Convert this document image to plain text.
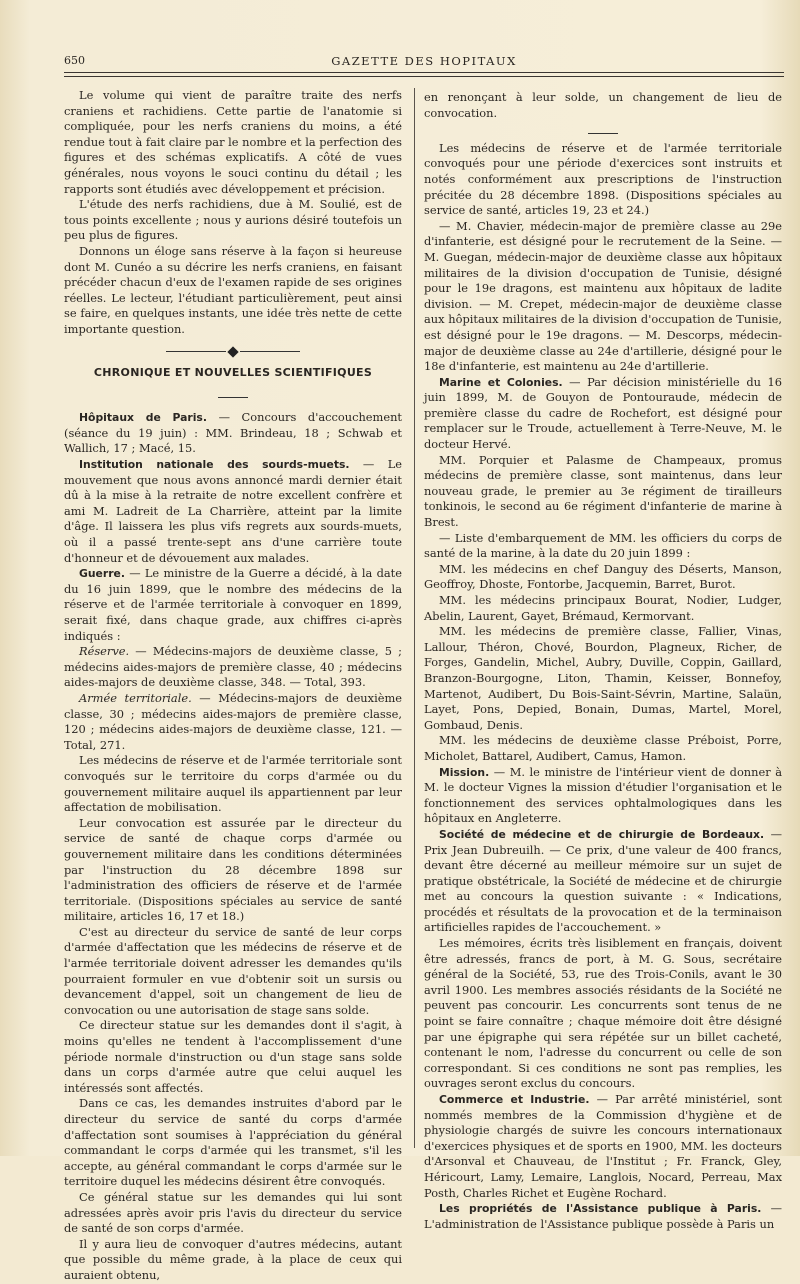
650	GAZETTE DES HOPITAUX

Le volume qui vient de paraître traite des nerfs craniens et rachidiens. Cette partie de l'anatomie si compliquée, pour les nerfs craniens du moins, a été rendue tout à fait claire par le nombre et la perfection des figures et des schémas explicatifs. A côté de vues générales, nous voyons le souci continu du détail ; les rapports sont étudiés avec développement et précision.

L'étude des nerfs rachidiens, due à M. Soulié, est de tous points excellente ; nous y aurions désiré toutefois un peu plus de figures.

Donnons un éloge sans réserve à la façon si heureuse dont M. Cunéo a su décrire les nerfs craniens, en faisant précéder chacun d'eux de l'examen rapide de ses origines réelles. Le lecteur, l'étudiant particulièrement, peut ainsi se faire, en quelques instants, une idée très nette de cette importante question.

CHRONIQUE ET NOUVELLES SCIENTIFIQUES

Hôpitaux de Paris. — Concours d'accouchement (séance du 19 juin) : MM. Brindeau, 18 ; Schwab et Wallich, 17 ; Macé, 15.

Institution nationale des sourds-muets. — Le mouvement que nous avons annoncé mardi dernier était dû à la mise à la retraite de notre excellent confrère et ami M. Ladreit de La Charrière, atteint par la limite d'âge. Il laissera les plus vifs regrets aux sourds-muets, où il a passé trente-sept ans d'une carrière toute d'honneur et de dévouement aux malades.

Guerre. — Le ministre de la Guerre a décidé, à la date du 16 juin 1899, que le nombre des médecins de la réserve et de l'armée territoriale à convoquer en 1899, serait fixé, dans chaque grade, aux chiffres ci-après indiqués :

Réserve. — Médecins-majors de deuxième classe, 5 ; médecins aides-majors de première classe, 40 ; médecins aides-majors de deuxième classe, 348. — Total, 393.

Armée territoriale. — Médecins-majors de deuxième classe, 30 ; médecins aides-majors de première classe, 120 ; médecins aides-majors de deuxième classe, 121. — Total, 271.

Les médecins de réserve et de l'armée territoriale sont convoqués sur le territoire du corps d'armée ou du gouvernement militaire auquel ils appartiennent par leur affectation de mobilisation.

Leur convocation est assurée par le directeur du service de santé de chaque corps d'armée ou gouvernement militaire dans les conditions déterminées par l'instruction du 28 décembre 1898 sur l'administration des officiers de réserve et de l'armée territoriale. (Dispositions spéciales au service de santé militaire, articles 16, 17 et 18.)

C'est au directeur du service de santé de leur corps d'armée d'affectation que les médecins de réserve et de l'armée territoriale doivent adresser les demandes qu'ils pourraient formuler en vue d'obtenir soit un sursis ou devancement d'appel, soit un changement de lieu de convocation ou une autorisation de stage sans solde.

Ce directeur statue sur les demandes dont il s'agit, à moins qu'elles ne tendent à l'accomplissement d'une période normale d'instruction ou d'un stage sans solde dans un corps d'armée autre que celui auquel les intéressés sont affectés.

Dans ce cas, les demandes instruites d'abord par le directeur du service de santé du corps d'armée d'affectation sont soumises à l'appréciation du général commandant le corps d'armée qui les transmet, s'il les accepte, au général commandant le corps d'armée sur le territoire duquel les médecins désirent être convoqués.

Ce général statue sur les demandes qui lui sont adressées après avoir pris l'avis du directeur du service de santé de son corps d'armée.

Il y aura lieu de convoquer d'autres médecins, autant que possible du même grade, à la place de ceux qui auraient obtenu,

en renonçant à leur solde, un changement de lieu de convocation.

Les médecins de réserve et de l'armée territoriale convoqués pour une période d'exercices sont instruits et notés conformément aux prescriptions de l'instruction précitée du 28 décembre 1898. (Dispositions spéciales au service de santé, articles 19, 23 et 24.)

— M. Chavier, médecin-major de première classe au 29e d'infanterie, est désigné pour le recrutement de la Seine. — M. Guegan, médecin-major de deuxième classe aux hôpitaux militaires de la division d'occupation de Tunisie, désigné pour le 19e dragons, est maintenu aux hôpitaux de ladite division. — M. Crepet, médecin-major de deuxième classe aux hôpitaux militaires de la division d'occupation de Tunisie, est désigné pour le 19e dragons. — M. Descorps, médecin-major de deuxième classe au 24e d'artillerie, désigné pour le 18e d'infanterie, est maintenu au 24e d'artillerie.

Marine et Colonies. — Par décision ministérielle du 16 juin 1899, M. de Gouyon de Pontouraude, médecin de première classe du cadre de Rochefort, est désigné pour remplacer sur le Troude, actuellement à Terre-Neuve, M. le docteur Hervé.

MM. Porquier et Palasme de Champeaux, promus médecins de première classe, sont maintenus, dans leur nouveau grade, le premier au 3e régiment de tirailleurs tonkinois, le second au 6e régiment d'infanterie de marine à Brest.

— Liste d'embarquement de MM. les officiers du corps de santé de la marine, à la date du 20 juin 1899 :

MM. les médecins en chef Danguy des Déserts, Manson, Geoffroy, Dhoste, Fontorbe, Jacquemin, Barret, Burot.

MM. les médecins principaux Bourat, Nodier, Ludger, Abelin, Laurent, Gayet, Brémaud, Kermorvant.

MM. les médecins de première classe, Fallier, Vinas, Lallour, Théron, Chové, Bourdon, Plagneux, Richer, de Forges, Gandelin, Michel, Aubry, Duville, Coppin, Gaillard, Branzon-Bourgogne, Liton, Thamin, Keisser, Bonnefoy, Martenot, Audibert, Du Bois-Saint-Sévrin, Martine, Salaün, Layet, Pons, Depied, Bonain, Dumas, Martel, Morel, Gombaud, Denis.

MM. les médecins de deuxième classe Préboist, Porre, Micholet, Battarel, Audibert, Camus, Hamon.

Mission. — M. le ministre de l'intérieur vient de donner à M. le docteur Vignes la mission d'étudier l'organisation et le fonctionnement des services ophtalmologiques dans les hôpitaux en Angleterre.

Société de médecine et de chirurgie de Bordeaux. — Prix Jean Dubreuilh. — Ce prix, d'une valeur de 400 francs, devant être décerné au meilleur mémoire sur un sujet de pratique obstétricale, la Société de médecine et de chirurgie met au concours la question suivante : « Indications, procédés et résultats de la provocation et de la terminaison artificielles rapides de l'accouchement. »

Les mémoires, écrits très lisiblement en français, doivent être adressés, francs de port, à M. G. Sous, secrétaire général de la Société, 53, rue des Trois-Conils, avant le 30 avril 1900. Les membres associés résidants de la Société ne peuvent pas concourir. Les concurrents sont tenus de ne point se faire connaître ; chaque mémoire doit être désigné par une épigraphe qui sera répétée sur un billet cacheté, contenant le nom, l'adresse du concurrent ou celle de son correspondant. Si ces conditions ne sont pas remplies, les ouvrages seront exclus du concours.

Commerce et Industrie. — Par arrêté ministériel, sont nommés membres de la Commission d'hygiène et de physiologie chargés de suivre les concours internationaux d'exercices physiques et de sports en 1900, MM. les docteurs d'Arsonval et Chauveau, de l'Institut ; Fr. Franck, Gley, Héricourt, Lamy, Lemaire, Langlois, Nocard, Perreau, Max Posth, Charles Richet et Eugène Rochard.

Les propriétés de l'Assistance publique à Paris. — L'administration de l'Assistance publique possède à Paris un
